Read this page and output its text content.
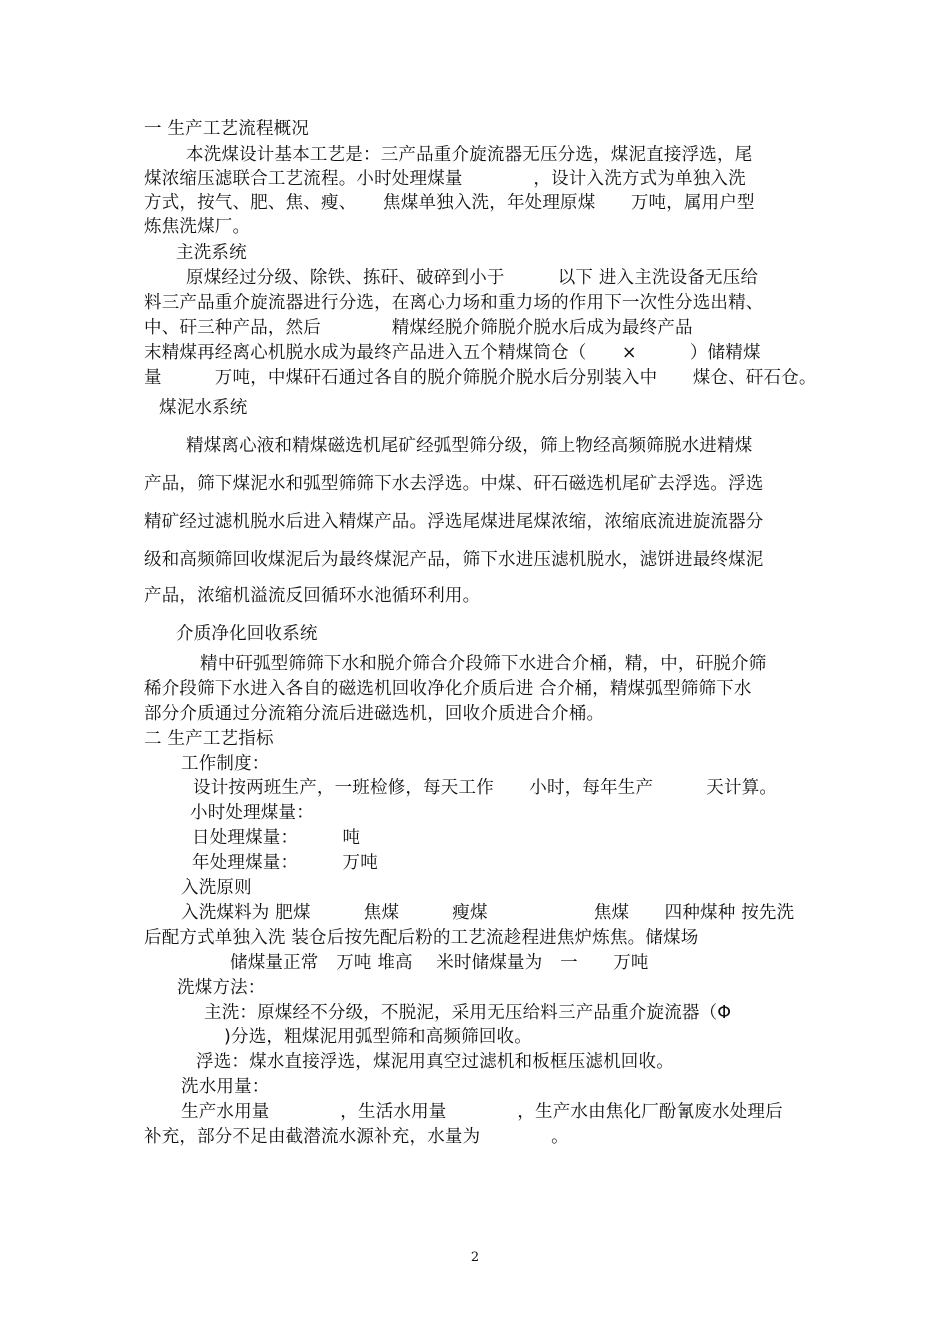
一 生产工艺流程概况
本洗煤设计基本工艺是：三产品重介旋流器无压分选，煤泥直接浮选，尾
煤浓缩压滤联合工艺流程。小时处理煤量　　　　，设计入洗方式为单独入洗
方式，按气、肥、焦、瘦、　　焦煤单独入洗，年处理原煤　　万吨，属用户型
炼焦洗煤厂。
主洗系统
原煤经过分级、除铁、拣矸、破碎到小于　　　以下 进入主洗设备无压给
料三产品重介旋流器进行分选，在离心力场和重力场的作用下一次性分选出精、
中、矸三种产品，然后　　　　精煤经脱介筛脱介脱水后成为最终产品
末精煤再经离心机脱水成为最终产品进入五个精煤筒仓（　　×　　　）储精煤
量　　　万吨，中煤矸石通过各自的脱介筛脱介脱水后分别装入中　　煤仓、矸石仓。
煤泥水系统
精煤离心液和精煤磁选机尾矿经弧型筛分级，筛上物经高频筛脱水进精煤
产品，筛下煤泥水和弧型筛筛下水去浮选。中煤、矸石磁选机尾矿去浮选。浮选
精矿经过滤机脱水后进入精煤产品。浮选尾煤进尾煤浓缩，浓缩底流进旋流器分
级和高频筛回收煤泥后为最终煤泥产品，筛下水进压滤机脱水，滤饼进最终煤泥
产品，浓缩机溢流反回循环水池循环利用。
介质净化回收系统
精中矸弧型筛筛下水和脱介筛合介段筛下水进合介桶，精，中，矸脱介筛
稀介段筛下水进入各自的磁选机回收净化介质后进 合介桶，精煤弧型筛筛下水
部分介质通过分流箱分流后进磁选机，回收介质进合介桶。
二 生产工艺指标
工作制度：
设计按两班生产，一班检修，每天工作　　小时，每年生产　　　天计算。
小时处理煤量：
日处理煤量：　　　吨
年处理煤量：　　　万吨
入洗原则
入洗煤料为 肥煤　　　焦煤　　　瘦煤　　　　　　焦煤　　四种煤种 按先洗
后配方式单独入洗 装仓后按先配后粉的工艺流趁程进焦炉炼焦。储煤场
储煤量正常　万吨 堆高　 米时储煤量为　一　　万吨
洗煤方法：
主洗：原煤经不分级，不脱泥，采用无压给料三产品重介旋流器（Φ
)分选，粗煤泥用弧型筛和高频筛回收。
浮选：煤水直接浮选，煤泥用真空过滤机和板框压滤机回收。
洗水用量：
生产水用量　　　　，生活水用量　　　　，生产水由焦化厂酚氰废水处理后
补充，部分不足由截潜流水源补充，水量为　　　　。
2
